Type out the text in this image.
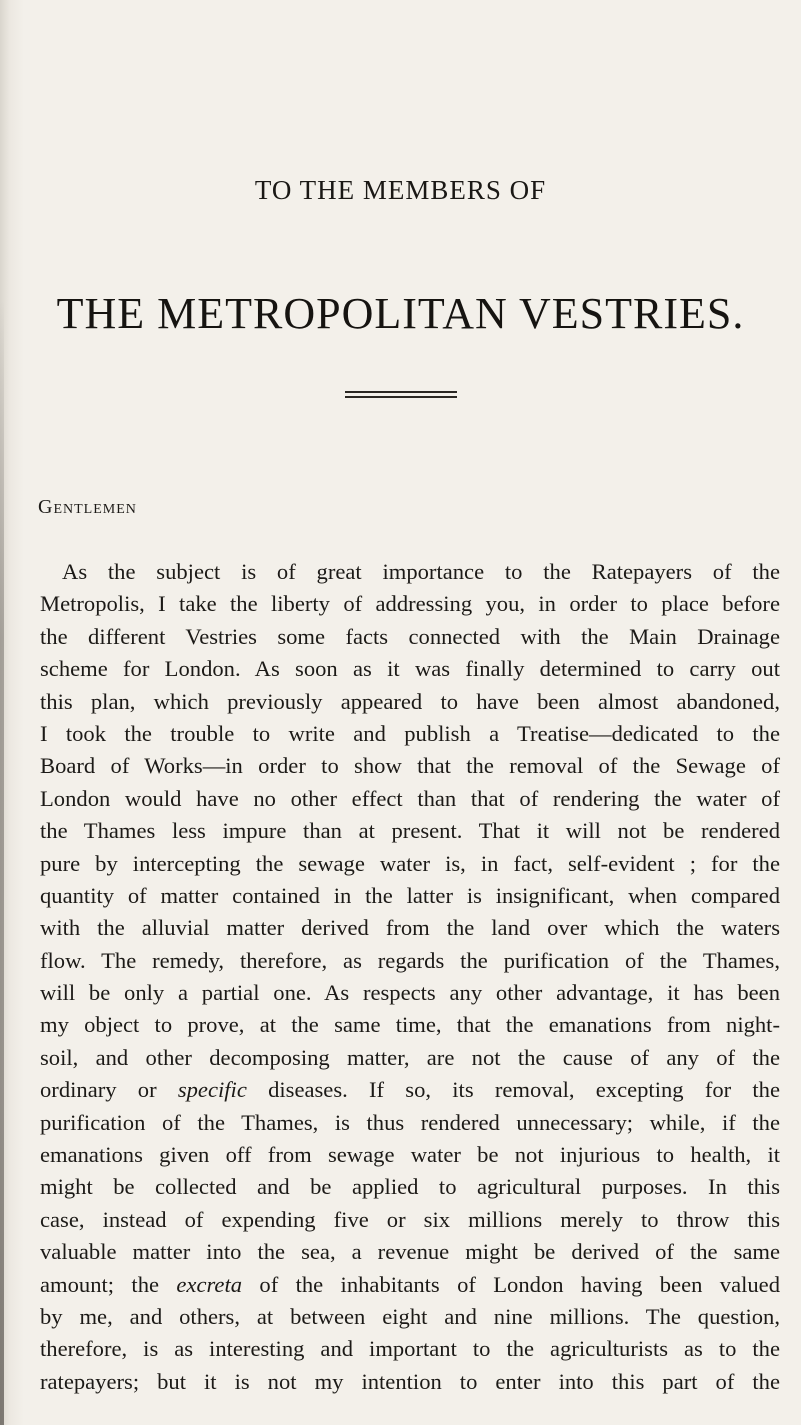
TO THE MEMBERS OF
THE METROPOLITAN VESTRIES.
Gentlemen
As the subject is of great importance to the Ratepayers of the
Metropolis, I take the liberty of addressing you, in order to place before
the different Vestries some facts connected with the Main Drainage
scheme for London. As soon as it was finally determined to carry out
this plan, which previously appeared to have been almost abandoned,
I took the trouble to write and publish a Treatise—dedicated to the
Board of Works—in order to show that the removal of the Sewage of
London would have no other effect than that of rendering the water of
the Thames less impure than at present. That it will not be rendered
pure by intercepting the sewage water is, in fact, self-evident ; for the
quantity of matter contained in the latter is insignificant, when compared
with the alluvial matter derived from the land over which the waters
flow. The remedy, therefore, as regards the purification of the Thames,
will be only a partial one. As respects any other advantage, it has been
my object to prove, at the same time, that the emanations from night-
soil, and other decomposing matter, are not the cause of any of the
ordinary or specific diseases. If so, its removal, excepting for the
purification of the Thames, is thus rendered unnecessary; while, if the
emanations given off from sewage water be not injurious to health, it
might be collected and be applied to agricultural purposes. In this
case, instead of expending five or six millions merely to throw this
valuable matter into the sea, a revenue might be derived of the same
amount; the excreta of the inhabitants of London having been valued
by me, and others, at between eight and nine millions. The question,
therefore, is as interesting and important to the agriculturists as to the
ratepayers; but it is not my intention to enter into this part of the
